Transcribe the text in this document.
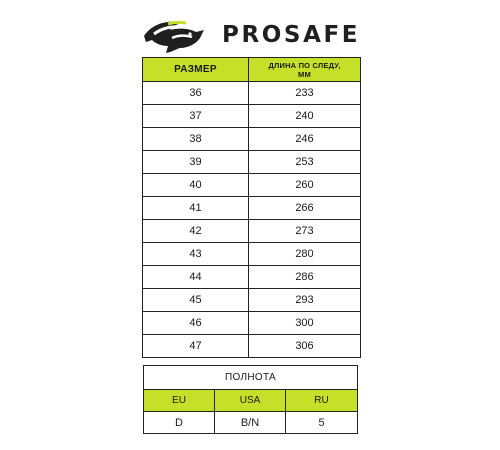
PROSAFE
РАЗМЕР	ДЛИНА ПО СЛЕДУ,
ММ

36	233
37	240
38	246
39	253
40	260
41	266
42	273
43	280
44	286
45	293
46	300
47	306
ПОЛНОТА		
EU	USA	RU
D	B/N	5
